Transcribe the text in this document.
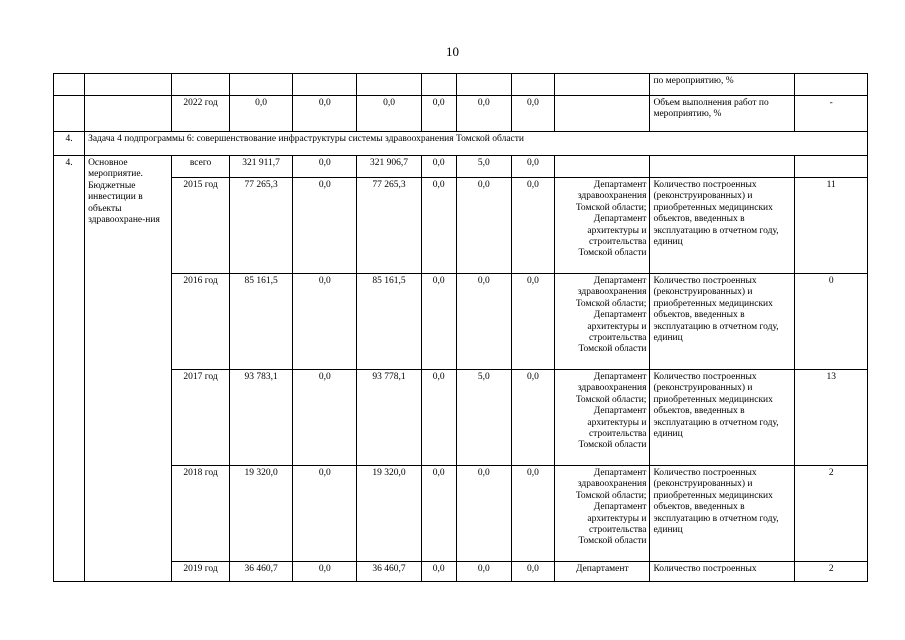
10
										по мероприятию, %	
		2022 год	0,0	0,0	0,0	0,0	0,0	0,0		Объем выполнения работ по мероприятию, %	-
4.	Задача 4 подпрограммы 6: совершенствование инфраструктуры системы здравоохранения Томской области										
4.	Основное мероприятие. Бюджетные инвестиции в объекты здравоохране-ния	всего	321 911,7	0,0	321 906,7	0,0	5,0	0,0			
		2015 год	77 265,3	0,0	77 265,3	0,0	0,0	0,0	Департамент здравоохранения Томской области; Департамент архитектуры и строительства Томской области	Количество построенных (реконструированных) и приобретенных медицинских объектов, введенных в эксплуатацию в отчетном году, единиц	11
		2016 год	85 161,5	0,0	85 161,5	0,0	0,0	0,0	Департамент здравоохранения Томской области; Департамент архитектуры и строительства Томской области	Количество построенных (реконструированных) и приобретенных медицинских объектов, введенных в эксплуатацию в отчетном году, единиц	0
		2017 год	93 783,1	0,0	93 778,1	0,0	5,0	0,0	Департамент здравоохранения Томской области; Департамент архитектуры и строительства Томской области	Количество построенных (реконструированных) и приобретенных медицинских объектов, введенных в эксплуатацию в отчетном году, единиц	13
		2018 год	19 320,0	0,0	19 320,0	0,0	0,0	0,0	Департамент здравоохранения Томской области; Департамент архитектуры и строительства Томской области	Количество построенных (реконструированных) и приобретенных медицинских объектов, введенных в эксплуатацию в отчетном году, единиц	2
		2019 год	36 460,7	0,0	36 460,7	0,0	0,0	0,0	Департамент	Количество построенных	2
